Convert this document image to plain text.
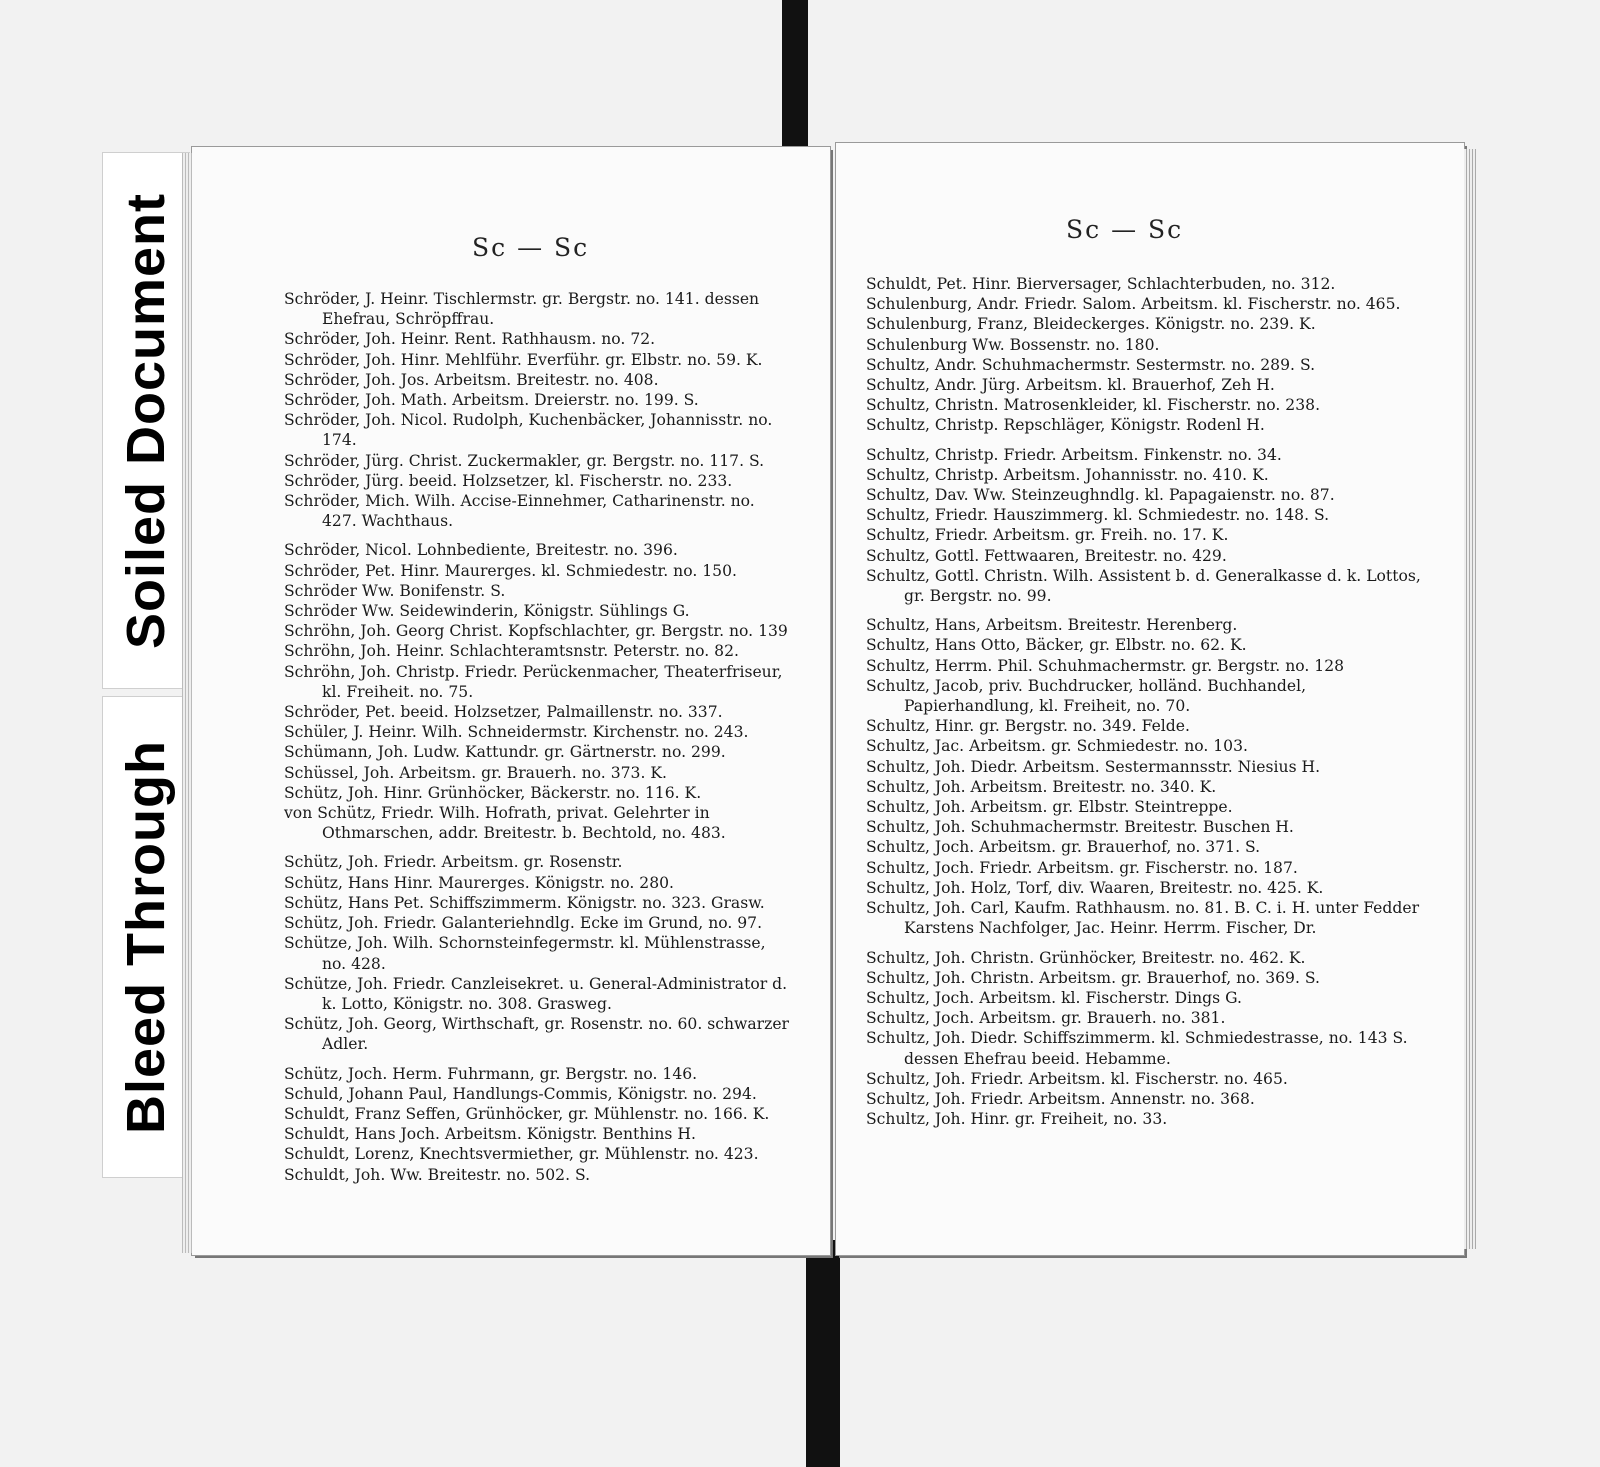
Soiled Document
Bleed Through
Sc — Sc
Schröder, J. Heinr. Tischlermstr. gr. Bergstr. no. 141. dessen Ehefrau, Schröpffrau.
Schröder, Joh. Heinr. Rent. Rathhausm. no. 72.
Schröder, Joh. Hinr. Mehlführ. Everführ. gr. Elbstr. no. 59. K.
Schröder, Joh. Jos. Arbeitsm. Breitestr. no. 408.
Schröder, Joh. Math. Arbeitsm. Dreierstr. no. 199. S.
Schröder, Joh. Nicol. Rudolph, Kuchenbäcker, Johannisstr. no. 174.
Schröder, Jürg. Christ. Zuckermakler, gr. Bergstr. no. 117. S.
Schröder, Jürg. beeid. Holzsetzer, kl. Fischerstr. no. 233.
Schröder, Mich. Wilh. Accise-Einnehmer, Catharinenstr. no. 427. Wachthaus.
Schröder, Nicol. Lohnbediente, Breitestr. no. 396.
Schröder, Pet. Hinr. Maurerges. kl. Schmiedestr. no. 150.
Schröder Ww. Bonifenstr. S.
Schröder Ww. Seidewinderin, Königstr. Sühlings G.
Schröhn, Joh. Georg Christ. Kopfschlachter, gr. Bergstr. no. 139
Schröhn, Joh. Heinr. Schlachteramtsnstr. Peterstr. no. 82.
Schröhn, Joh. Christp. Friedr. Perückenmacher, Theaterfriseur, kl. Freiheit. no. 75.
Schröder, Pet. beeid. Holzsetzer, Palmaillenstr. no. 337.
Schüler, J. Heinr. Wilh. Schneidermstr. Kirchenstr. no. 243.
Schümann, Joh. Ludw. Kattundr. gr. Gärtnerstr. no. 299.
Schüssel, Joh. Arbeitsm. gr. Brauerh. no. 373. K.
Schütz, Joh. Hinr. Grünhöcker, Bäckerstr. no. 116. K.
von Schütz, Friedr. Wilh. Hofrath, privat. Gelehrter in Othmarschen, addr. Breitestr. b. Bechtold, no. 483.
Schütz, Joh. Friedr. Arbeitsm. gr. Rosenstr.
Schütz, Hans Hinr. Maurerges. Königstr. no. 280.
Schütz, Hans Pet. Schiffszimmerm. Königstr. no. 323. Grasw.
Schütz, Joh. Friedr. Galanteriehndlg. Ecke im Grund, no. 97.
Schütze, Joh. Wilh. Schornsteinfegermstr. kl. Mühlenstrasse, no. 428.
Schütze, Joh. Friedr. Canzleisekret. u. General-Administrator d. k. Lotto, Königstr. no. 308. Grasweg.
Schütz, Joh. Georg, Wirthschaft, gr. Rosenstr. no. 60. schwarzer Adler.
Schütz, Joch. Herm. Fuhrmann, gr. Bergstr. no. 146.
Schuld, Johann Paul, Handlungs-Commis, Königstr. no. 294.
Schuldt, Franz Seffen, Grünhöcker, gr. Mühlenstr. no. 166. K.
Schuldt, Hans Joch. Arbeitsm. Königstr. Benthins H.
Schuldt, Lorenz, Knechtsvermiether, gr. Mühlenstr. no. 423.
Schuldt, Joh. Ww. Breitestr. no. 502. S.
Sc — Sc
Schuldt, Pet. Hinr. Bierversager, Schlachterbuden, no. 312.
Schulenburg, Andr. Friedr. Salom. Arbeitsm. kl. Fischerstr. no. 465.
Schulenburg, Franz, Bleideckerges. Königstr. no. 239. K.
Schulenburg Ww. Bossenstr. no. 180.
Schultz, Andr. Schuhmachermstr. Sestermstr. no. 289. S.
Schultz, Andr. Jürg. Arbeitsm. kl. Brauerhof, Zeh H.
Schultz, Christn. Matrosenkleider, kl. Fischerstr. no. 238.
Schultz, Christp. Repschläger, Königstr. Rodenl H.
Schultz, Christp. Friedr. Arbeitsm. Finkenstr. no. 34.
Schultz, Christp. Arbeitsm. Johannisstr. no. 410. K.
Schultz, Dav. Ww. Steinzeughndlg. kl. Papagaienstr. no. 87.
Schultz, Friedr. Hauszimmerg. kl. Schmiedestr. no. 148. S.
Schultz, Friedr. Arbeitsm. gr. Freih. no. 17. K.
Schultz, Gottl. Fettwaaren, Breitestr. no. 429.
Schultz, Gottl. Christn. Wilh. Assistent b. d. Generalkasse d. k. Lottos, gr. Bergstr. no. 99.
Schultz, Hans, Arbeitsm. Breitestr. Herenberg.
Schultz, Hans Otto, Bäcker, gr. Elbstr. no. 62. K.
Schultz, Herrm. Phil. Schuhmachermstr. gr. Bergstr. no. 128
Schultz, Jacob, priv. Buchdrucker, holländ. Buchhandel, Papierhandlung, kl. Freiheit, no. 70.
Schultz, Hinr. gr. Bergstr. no. 349. Felde.
Schultz, Jac. Arbeitsm. gr. Schmiedestr. no. 103.
Schultz, Joh. Diedr. Arbeitsm. Sestermannsstr. Niesius H.
Schultz, Joh. Arbeitsm. Breitestr. no. 340. K.
Schultz, Joh. Arbeitsm. gr. Elbstr. Steintreppe.
Schultz, Joh. Schuhmachermstr. Breitestr. Buschen H.
Schultz, Joch. Arbeitsm. gr. Brauerhof, no. 371. S.
Schultz, Joch. Friedr. Arbeitsm. gr. Fischerstr. no. 187.
Schultz, Joh. Holz, Torf, div. Waaren, Breitestr. no. 425. K.
Schultz, Joh. Carl, Kaufm. Rathhausm. no. 81. B. C. i. H. unter Fedder Karstens Nachfolger, Jac. Heinr. Herrm. Fischer, Dr.
Schultz, Joh. Christn. Grünhöcker, Breitestr. no. 462. K.
Schultz, Joh. Christn. Arbeitsm. gr. Brauerhof, no. 369. S.
Schultz, Joch. Arbeitsm. kl. Fischerstr. Dings G.
Schultz, Joch. Arbeitsm. gr. Brauerh. no. 381.
Schultz, Joh. Diedr. Schiffszimmerm. kl. Schmiedestrasse, no. 143 S. dessen Ehefrau beeid. Hebamme.
Schultz, Joh. Friedr. Arbeitsm. kl. Fischerstr. no. 465.
Schultz, Joh. Friedr. Arbeitsm. Annenstr. no. 368.
Schultz, Joh. Hinr. gr. Freiheit, no. 33.
